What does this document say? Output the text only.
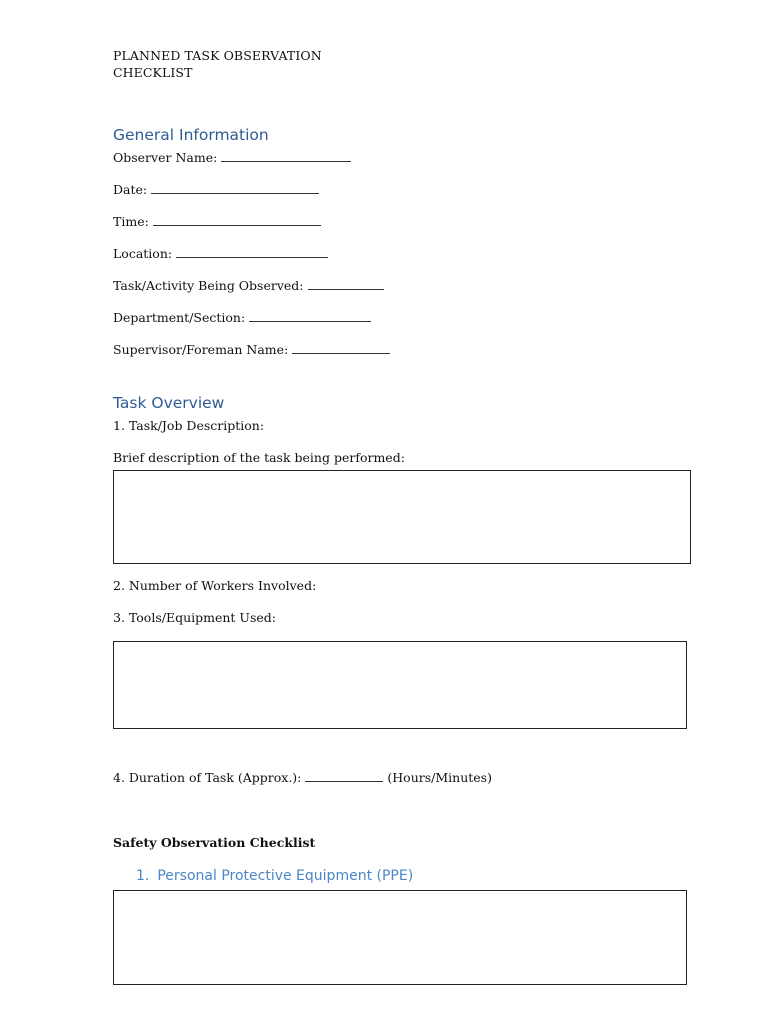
PLANNED TASK OBSERVATION
CHECKLIST
General Information
Observer Name:
Date:
Time:
Location:
Task/Activity Being Observed:
Department/Section:
Supervisor/Foreman Name:
Task Overview
1. Task/Job Description:
Brief description of the task being performed:
2. Number of Workers Involved:
3. Tools/Equipment Used:
4. Duration of Task (Approx.):	(Hours/Minutes)
Safety Observation Checklist
1. Personal Protective Equipment (PPE)
